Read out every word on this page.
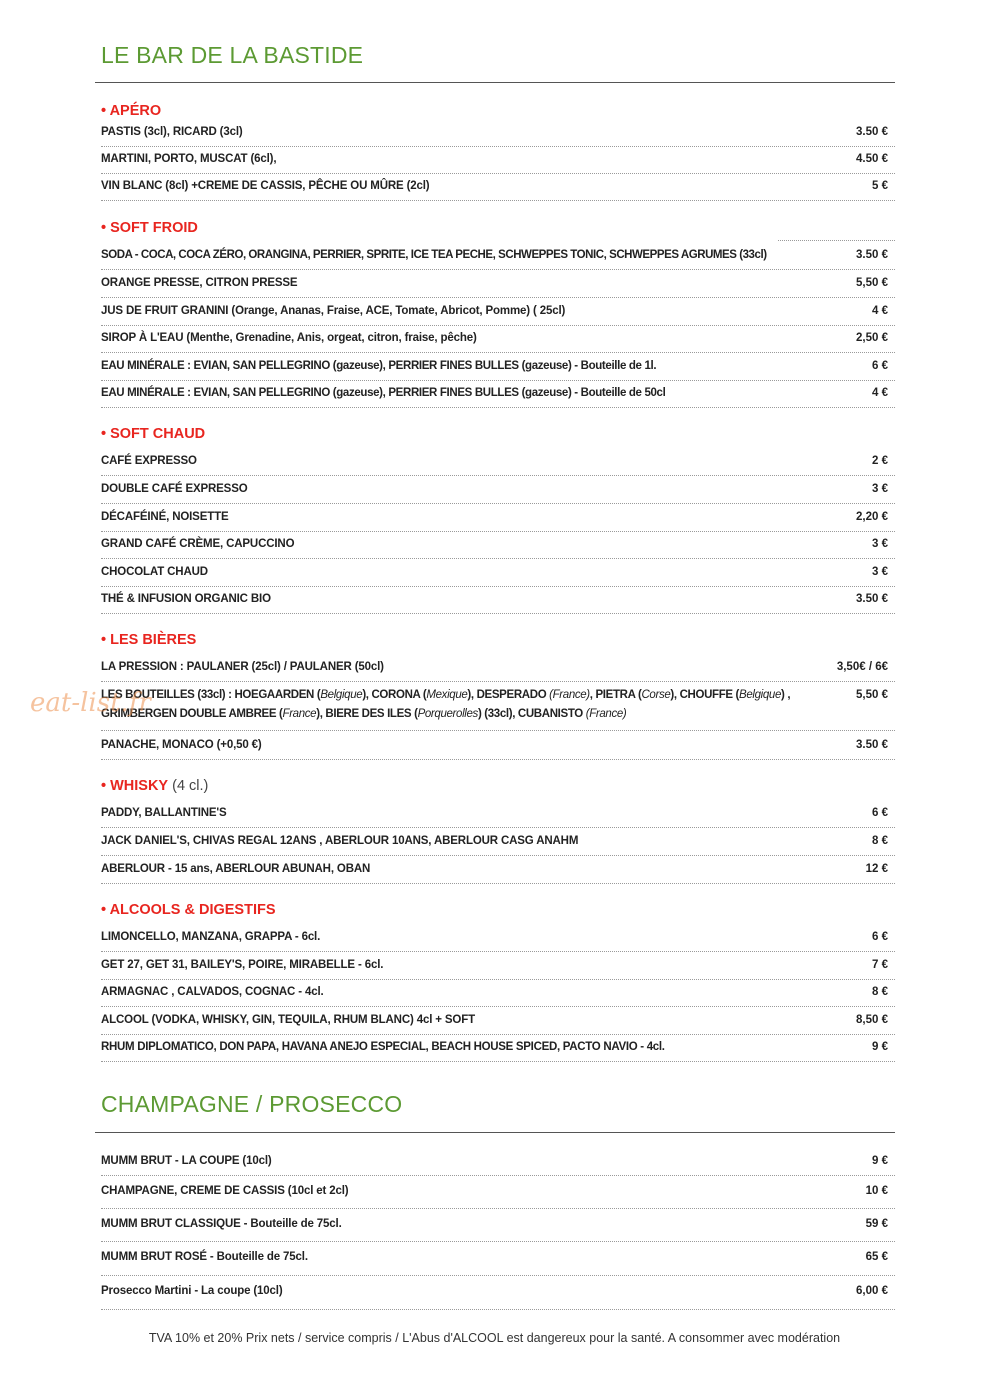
LE BAR DE LA BASTIDE
• APÉRO
PASTIS (3cl), RICARD (3cl)	3.50 €
MARTINI, PORTO, MUSCAT (6cl),	4.50 €
VIN BLANC (8cl) +CREME DE CASSIS, PÊCHE OU MÛRE (2cl)	5 €
• SOFT FROID
SODA - COCA, COCA ZÉRO, ORANGINA, PERRIER, SPRITE, ICE TEA PECHE, SCHWEPPES TONIC, SCHWEPPES AGRUMES (33cl)	3.50 €
ORANGE PRESSE, CITRON PRESSE	5,50 €
JUS DE FRUIT GRANINI (Orange, Ananas, Fraise, ACE, Tomate, Abricot, Pomme) ( 25cl)	4 €
SIROP À L'EAU (Menthe, Grenadine, Anis, orgeat, citron, fraise, pêche)	2,50 €
EAU MINÉRALE : EVIAN, SAN PELLEGRINO (gazeuse), PERRIER FINES BULLES (gazeuse) - Bouteille de 1l.	6 €
EAU MINÉRALE : EVIAN, SAN PELLEGRINO (gazeuse), PERRIER FINES BULLES (gazeuse) - Bouteille de 50cl	4 €
• SOFT CHAUD
CAFÉ EXPRESSO	2 €
DOUBLE CAFÉ EXPRESSO	3 €
DÉCAFÉINÉ, NOISETTE	2,20 €
GRAND CAFÉ CRÈME, CAPUCCINO	3 €
CHOCOLAT CHAUD	3 €
THÉ & INFUSION ORGANIC BIO	3.50 €
• LES BIÈRES
LA PRESSION : PAULANER (25cl) / PAULANER (50cl)	3,50€ / 6€
LES BOUTEILLES (33cl) : HOEGAARDEN (Belgique), CORONA (Mexique), DESPERADO (France), PIETRA (Corse), CHOUFFE (Belgique) ,
GRIMBERGEN DOUBLE AMBREE (France), BIERE DES ILES (Porquerolles) (33cl), CUBANISTO (France)
5,50 €
PANACHE, MONACO (+0,50 €)	3.50 €
• WHISKY (4 cl.)
PADDY, BALLANTINE'S	6 €
JACK DANIEL'S, CHIVAS REGAL 12ANS , ABERLOUR 10ANS, ABERLOUR CASG ANAHM	8 €
ABERLOUR - 15 ans, ABERLOUR ABUNAH, OBAN	12 €
• ALCOOLS & DIGESTIFS
LIMONCELLO, MANZANA, GRAPPA - 6cl.	6 €
GET 27, GET 31, BAILEY'S, POIRE, MIRABELLE - 6cl.	7 €
ARMAGNAC , CALVADOS, COGNAC - 4cl.	8 €
ALCOOL (VODKA, WHISKY, GIN, TEQUILA, RHUM BLANC) 4cl + SOFT	8,50 €
RHUM DIPLOMATICO, DON PAPA, HAVANA ANEJO ESPECIAL, BEACH HOUSE SPICED, PACTO NAVIO - 4cl.	9 €
CHAMPAGNE / PROSECCO
MUMM BRUT - LA COUPE (10cl)	9 €
CHAMPAGNE, CREME DE CASSIS (10cl et 2cl)	10 €
MUMM BRUT CLASSIQUE - Bouteille de 75cl.	59 €
MUMM BRUT ROSÉ - Bouteille de 75cl.	65 €
Prosecco Martini - La coupe (10cl)	6,00 €
TVA 10% et 20% Prix nets / service compris / L'Abus d'ALCOOL est dangereux pour la santé. A consommer avec modération
eat-list.fr
